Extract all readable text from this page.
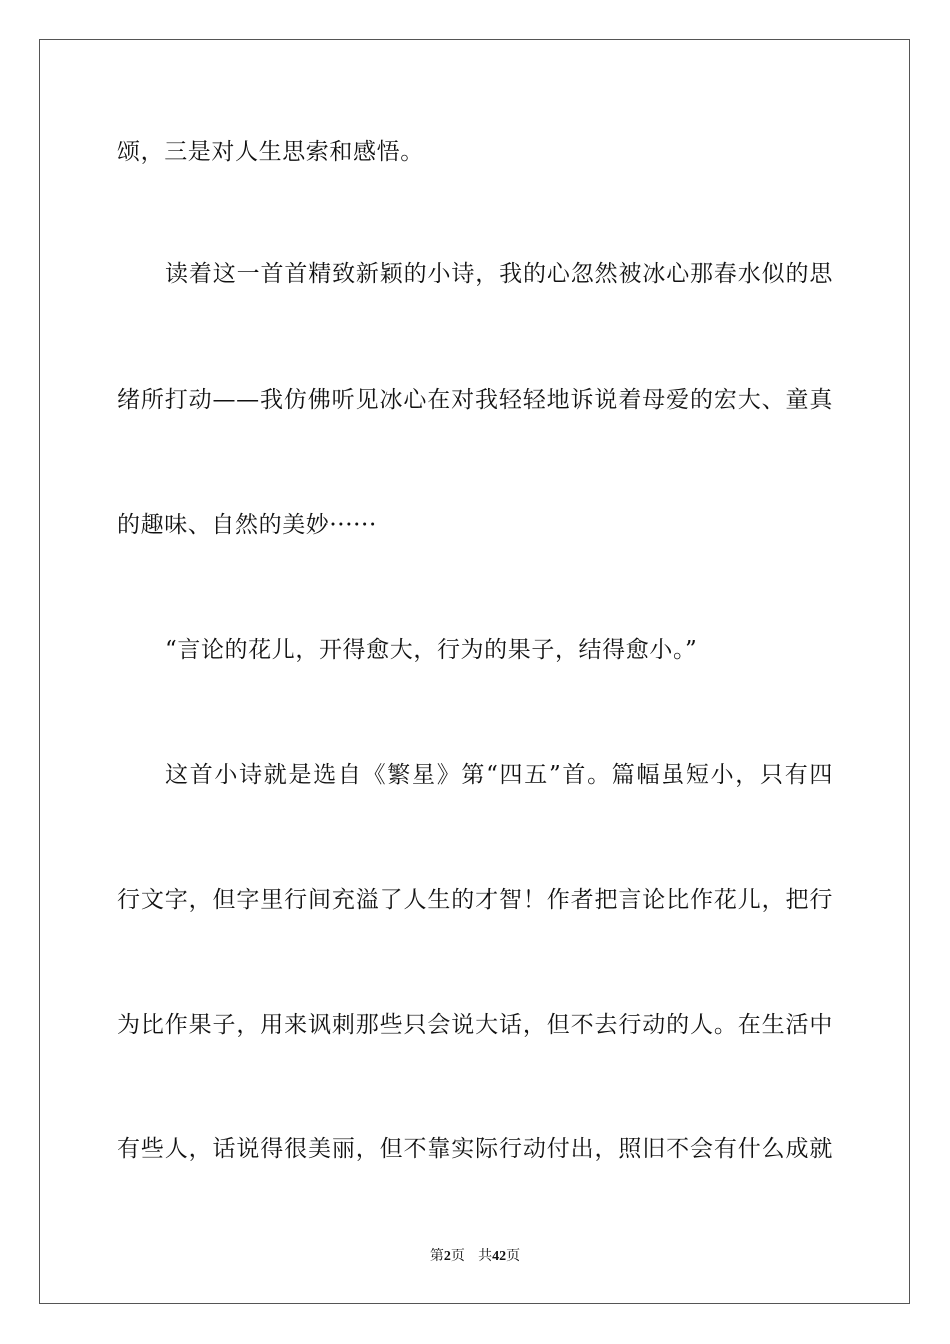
颂，三是对人生思索和感悟。
读着这一首首精致新颖的小诗，我的心忽然被冰心那春水似的思
绪所打动——我仿佛听见冰心在对我轻轻地诉说着母爱的宏大、童真
的趣味、自然的美妙······
“言论的花儿，开得愈大，行为的果子，结得愈小。”
这首小诗就是选自《繁星》第“四五”首。篇幅虽短小，只有四
行文字，但字里行间充溢了人生的才智！作者把言论比作花儿，把行
为比作果子，用来讽刺那些只会说大话，但不去行动的人。在生活中
有些人，话说得很美丽，但不靠实际行动付出，照旧不会有什么成就
第2页 共42页
